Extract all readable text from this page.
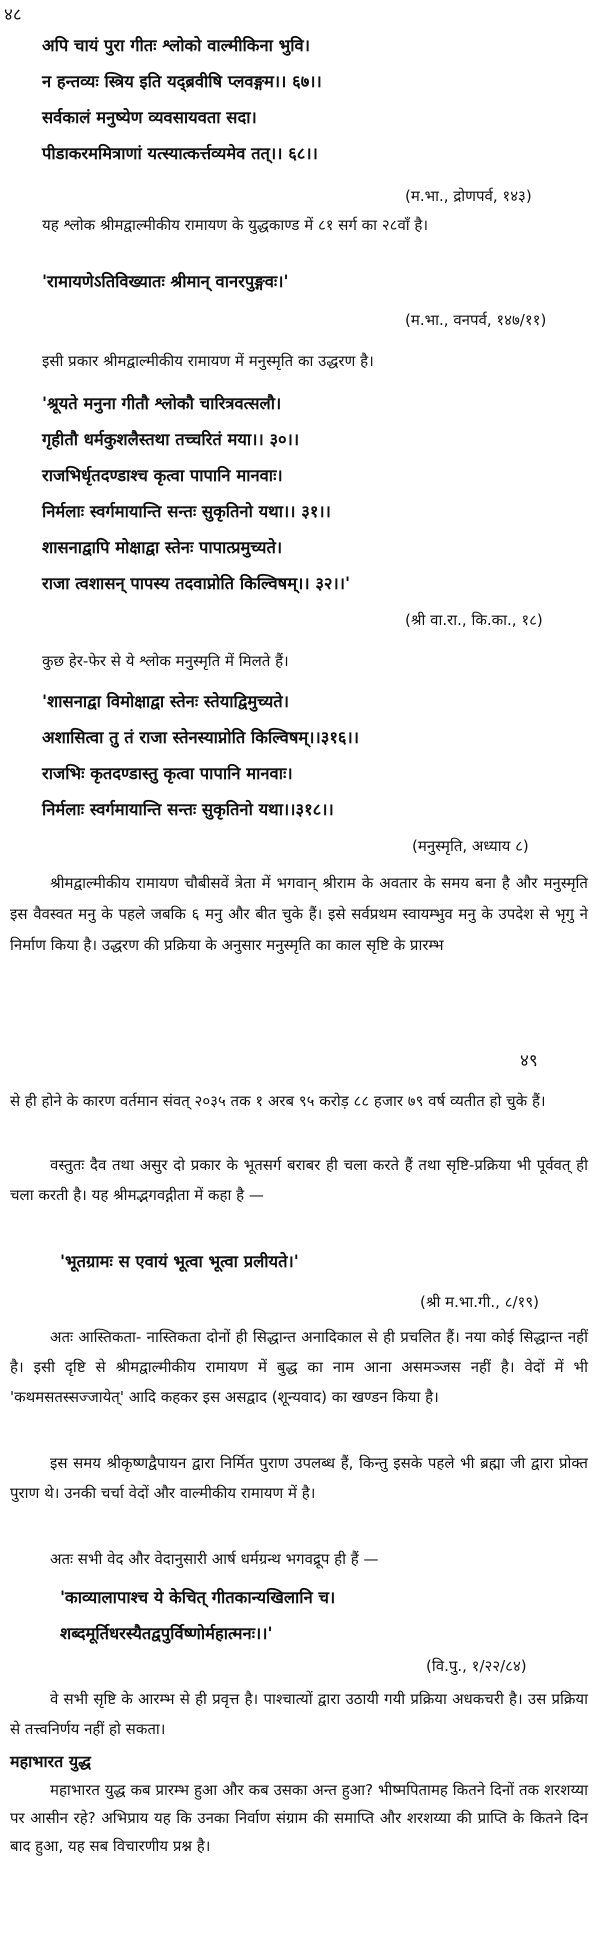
४८
अपि चायं पुरा गीतः श्लोको वाल्मीकिना भुवि।
न हन्तव्यः स्त्रिय इति यद्ब्रवीषि प्लवङ्गम।। ६७।।
सर्वकालं मनुष्येण व्यवसायवता सदा।
पीडाकरममित्राणां यत्स्यात्कर्त्तव्यमेव तत्।। ६८।।
(म.भा., द्रोणपर्व, १४३)
यह श्लोक श्रीमद्वाल्मीकीय रामायण के युद्धकाण्ड में ८१ सर्ग का २८वाँ है।
'रामायणेऽतिविख्यातः श्रीमान् वानरपुङ्गवः।'
(म.भा., वनपर्व, १४७/११)
इसी प्रकार श्रीमद्वाल्मीकीय रामायण में मनुस्मृति का उद्धरण है।
'श्रूयते मनुना गीतौ श्लोकौ चारित्रवत्सलौ।
गृहीतौ धर्मकुशलैस्तथा तच्चरितं मया।। ३०।।
राजभिर्धृतदण्डाश्च कृत्वा पापानि मानवाः।
निर्मलाः स्वर्गमायान्ति सन्तः सुकृतिनो यथा।। ३१।।
शासनाद्वापि मोक्षाद्वा स्तेनः पापात्प्रमुच्यते।
राजा त्वशासन् पापस्य तदवाप्नोति किल्विषम्।। ३२।।'
(श्री वा.रा., कि.का., १८)
कुछ हेर-फेर से ये श्लोक मनुस्मृति में मिलते हैं।
'शासनाद्वा विमोक्षाद्वा स्तेनः स्तेयाद्विमुच्यते।
अशासित्वा तु तं राजा स्तेनस्याप्नोति किल्विषम्।।३१६।।
राजभिः कृतदण्डास्तु कृत्वा पापानि मानवाः।
निर्मलाः स्वर्गमायान्ति सन्तः सुकृतिनो यथा।।३१८।।
(मनुस्मृति, अध्याय ८)
श्रीमद्वाल्मीकीय रामायण चौबीसवें त्रेता में भगवान् श्रीराम के अवतार के समय बना है और मनुस्मृति इस वैवस्वत मनु के पहले जबकि ६ मनु और बीत चुके हैं। इसे सर्वप्रथम स्वायम्भुव मनु के उपदेश से भृगु ने निर्माण किया है। उद्धरण की प्रक्रिया के अनुसार मनुस्मृति का काल सृष्टि के प्रारम्भ
४९
से ही होने के कारण वर्तमान संवत् २०३५ तक १ अरब ९५ करोड़ ८८ हजार ७९ वर्ष व्यतीत हो चुके हैं।
वस्तुतः दैव तथा असुर दो प्रकार के भूतसर्ग बराबर ही चला करते हैं तथा सृष्टि-प्रक्रिया भी पूर्ववत् ही चला करती है। यह श्रीमद्भगवद्गीता में कहा है —
'भूतग्रामः स एवायं भूत्वा भूत्वा प्रलीयते।'
(श्री म.भा.गी., ८/१९)
अतः आस्तिकता- नास्तिकता दोनों ही सिद्धान्त अनादिकाल से ही प्रचलित हैं। नया कोई सिद्धान्त नहीं है। इसी दृष्टि से श्रीमद्वाल्मीकीय रामायण में बुद्ध का नाम आना असमञ्जस नहीं है। वेदों में भी 'कथमसतस्सज्जायेत्' आदि कहकर इस असद्वाद (शून्यवाद) का खण्डन किया है।
इस समय श्रीकृष्णद्वैपायन द्वारा निर्मित पुराण उपलब्ध हैं, किन्तु इसके पहले भी ब्रह्मा जी द्वारा प्रोक्त पुराण थे। उनकी चर्चा वेदों और वाल्मीकीय रामायण में है।
अतः सभी वेद और वेदानुसारी आर्ष धर्मग्रन्थ भगवद्रूप ही हैं —
'काव्यालापाश्च ये केचित् गीतकान्यखिलानि च।
शब्दमूर्तिधरस्यैतद्वपुर्विष्णोर्महात्मनः।।'
(वि.पु., १/२२/८४)
वे सभी सृष्टि के आरम्भ से ही प्रवृत्त है। पाश्चात्यों द्वारा उठायी गयी प्रक्रिया अधकचरी है। उस प्रक्रिया से तत्त्वनिर्णय नहीं हो सकता।
महाभारत युद्ध
महाभारत युद्ध कब प्रारम्भ हुआ और कब उसका अन्त हुआ? भीष्मपितामह कितने दिनों तक शरशय्या पर आसीन रहे? अभिप्राय यह कि उनका निर्वाण संग्राम की समाप्ति और शरशय्या की प्राप्ति के कितने दिन बाद हुआ, यह सब विचारणीय प्रश्न है।
